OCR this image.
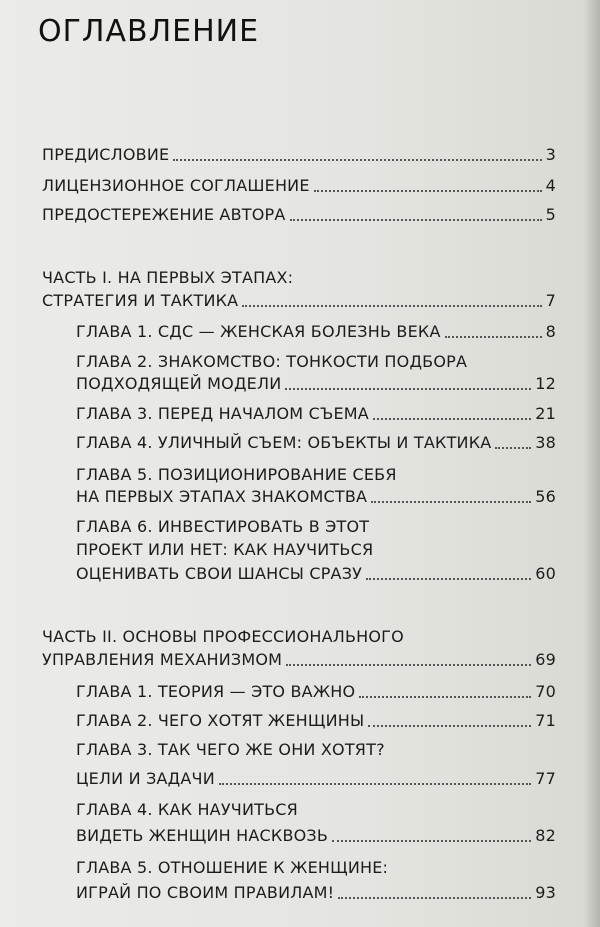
ОГЛАВЛЕНИЕ
ПРЕДИСЛОВИЕ	3
ЛИЦЕНЗИОННОЕ СОГЛАШЕНИЕ	4
ПРЕДОСТЕРЕЖЕНИЕ АВТОРА	5
ЧАСТЬ I. НА ПЕРВЫХ ЭТАПАХ:
СТРАТЕГИЯ И ТАКТИКА	7
ГЛАВА 1. СДС — ЖЕНСКАЯ БОЛЕЗНЬ ВЕКА	8
ГЛАВА 2. ЗНАКОМСТВО: ТОНКОСТИ ПОДБОРА
ПОДХОДЯЩЕЙ МОДЕЛИ	12
ГЛАВА 3. ПЕРЕД НАЧАЛОМ СЪЕМА	21
ГЛАВА 4. УЛИЧНЫЙ СЪЕМ: ОБЪЕКТЫ И ТАКТИКА	38
ГЛАВА 5. ПОЗИЦИОНИРОВАНИЕ СЕБЯ
НА ПЕРВЫХ ЭТАПАХ ЗНАКОМСТВА	56
ГЛАВА 6. ИНВЕСТИРОВАТЬ В ЭТОТ
ПРОЕКТ ИЛИ НЕТ: КАК НАУЧИТЬСЯ
ОЦЕНИВАТЬ СВОИ ШАНСЫ СРАЗУ	60
ЧАСТЬ II. ОСНОВЫ ПРОФЕССИОНАЛЬНОГО
УПРАВЛЕНИЯ МЕХАНИЗМОМ	69
ГЛАВА 1. ТЕОРИЯ — ЭТО ВАЖНО	70
ГЛАВА 2. ЧЕГО ХОТЯТ ЖЕНЩИНЫ	71
ГЛАВА 3. ТАК ЧЕГО ЖЕ ОНИ ХОТЯТ?
ЦЕЛИ И ЗАДАЧИ	77
ГЛАВА 4. КАК НАУЧИТЬСЯ
ВИДЕТЬ ЖЕНЩИН НАСКВОЗЬ	82
ГЛАВА 5. ОТНОШЕНИЕ К ЖЕНЩИНЕ:
ИГРАЙ ПО СВОИМ ПРАВИЛАМ!	93
